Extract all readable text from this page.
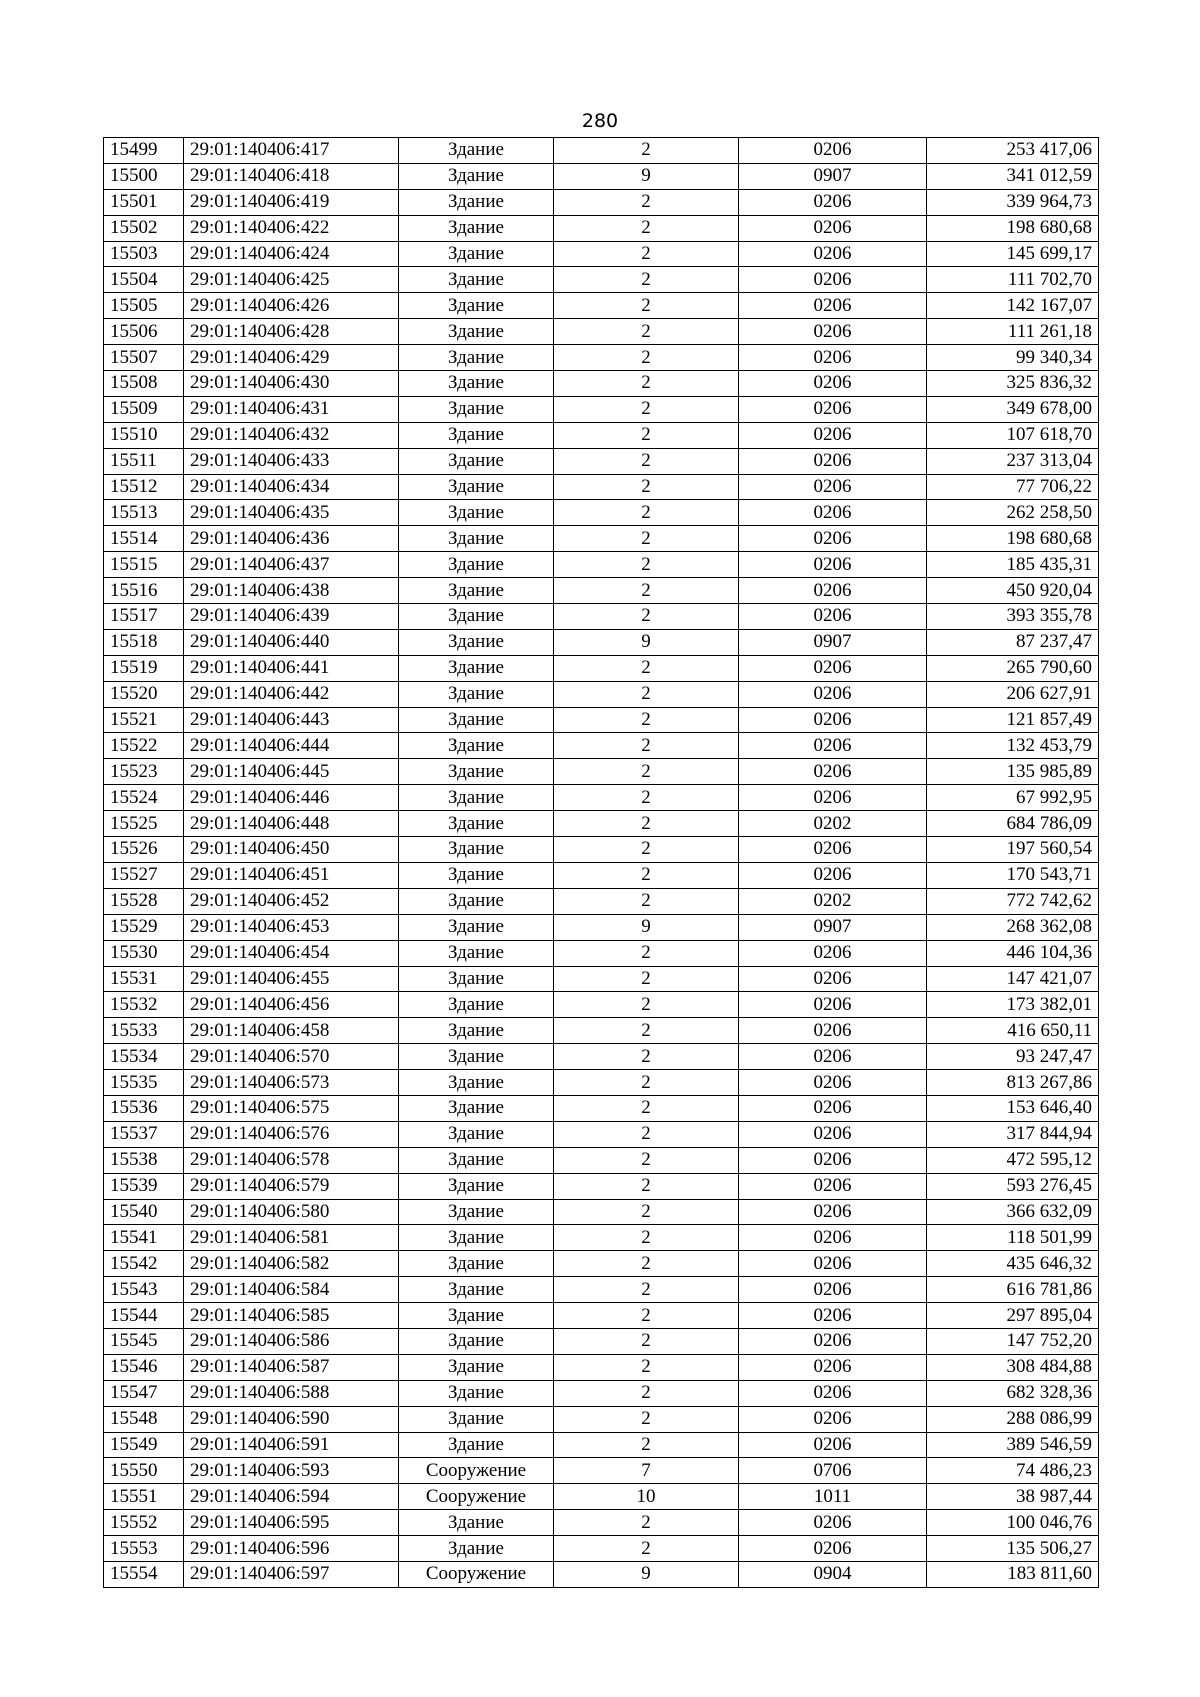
280
15499	29:01:140406:417	Здание	2	0206	253 417,06
15500	29:01:140406:418	Здание	9	0907	341 012,59
15501	29:01:140406:419	Здание	2	0206	339 964,73
15502	29:01:140406:422	Здание	2	0206	198 680,68
15503	29:01:140406:424	Здание	2	0206	145 699,17
15504	29:01:140406:425	Здание	2	0206	111 702,70
15505	29:01:140406:426	Здание	2	0206	142 167,07
15506	29:01:140406:428	Здание	2	0206	111 261,18
15507	29:01:140406:429	Здание	2	0206	99 340,34
15508	29:01:140406:430	Здание	2	0206	325 836,32
15509	29:01:140406:431	Здание	2	0206	349 678,00
15510	29:01:140406:432	Здание	2	0206	107 618,70
15511	29:01:140406:433	Здание	2	0206	237 313,04
15512	29:01:140406:434	Здание	2	0206	77 706,22
15513	29:01:140406:435	Здание	2	0206	262 258,50
15514	29:01:140406:436	Здание	2	0206	198 680,68
15515	29:01:140406:437	Здание	2	0206	185 435,31
15516	29:01:140406:438	Здание	2	0206	450 920,04
15517	29:01:140406:439	Здание	2	0206	393 355,78
15518	29:01:140406:440	Здание	9	0907	87 237,47
15519	29:01:140406:441	Здание	2	0206	265 790,60
15520	29:01:140406:442	Здание	2	0206	206 627,91
15521	29:01:140406:443	Здание	2	0206	121 857,49
15522	29:01:140406:444	Здание	2	0206	132 453,79
15523	29:01:140406:445	Здание	2	0206	135 985,89
15524	29:01:140406:446	Здание	2	0206	67 992,95
15525	29:01:140406:448	Здание	2	0202	684 786,09
15526	29:01:140406:450	Здание	2	0206	197 560,54
15527	29:01:140406:451	Здание	2	0206	170 543,71
15528	29:01:140406:452	Здание	2	0202	772 742,62
15529	29:01:140406:453	Здание	9	0907	268 362,08
15530	29:01:140406:454	Здание	2	0206	446 104,36
15531	29:01:140406:455	Здание	2	0206	147 421,07
15532	29:01:140406:456	Здание	2	0206	173 382,01
15533	29:01:140406:458	Здание	2	0206	416 650,11
15534	29:01:140406:570	Здание	2	0206	93 247,47
15535	29:01:140406:573	Здание	2	0206	813 267,86
15536	29:01:140406:575	Здание	2	0206	153 646,40
15537	29:01:140406:576	Здание	2	0206	317 844,94
15538	29:01:140406:578	Здание	2	0206	472 595,12
15539	29:01:140406:579	Здание	2	0206	593 276,45
15540	29:01:140406:580	Здание	2	0206	366 632,09
15541	29:01:140406:581	Здание	2	0206	118 501,99
15542	29:01:140406:582	Здание	2	0206	435 646,32
15543	29:01:140406:584	Здание	2	0206	616 781,86
15544	29:01:140406:585	Здание	2	0206	297 895,04
15545	29:01:140406:586	Здание	2	0206	147 752,20
15546	29:01:140406:587	Здание	2	0206	308 484,88
15547	29:01:140406:588	Здание	2	0206	682 328,36
15548	29:01:140406:590	Здание	2	0206	288 086,99
15549	29:01:140406:591	Здание	2	0206	389 546,59
15550	29:01:140406:593	Сооружение	7	0706	74 486,23
15551	29:01:140406:594	Сооружение	10	1011	38 987,44
15552	29:01:140406:595	Здание	2	0206	100 046,76
15553	29:01:140406:596	Здание	2	0206	135 506,27
15554	29:01:140406:597	Сооружение	9	0904	183 811,60
